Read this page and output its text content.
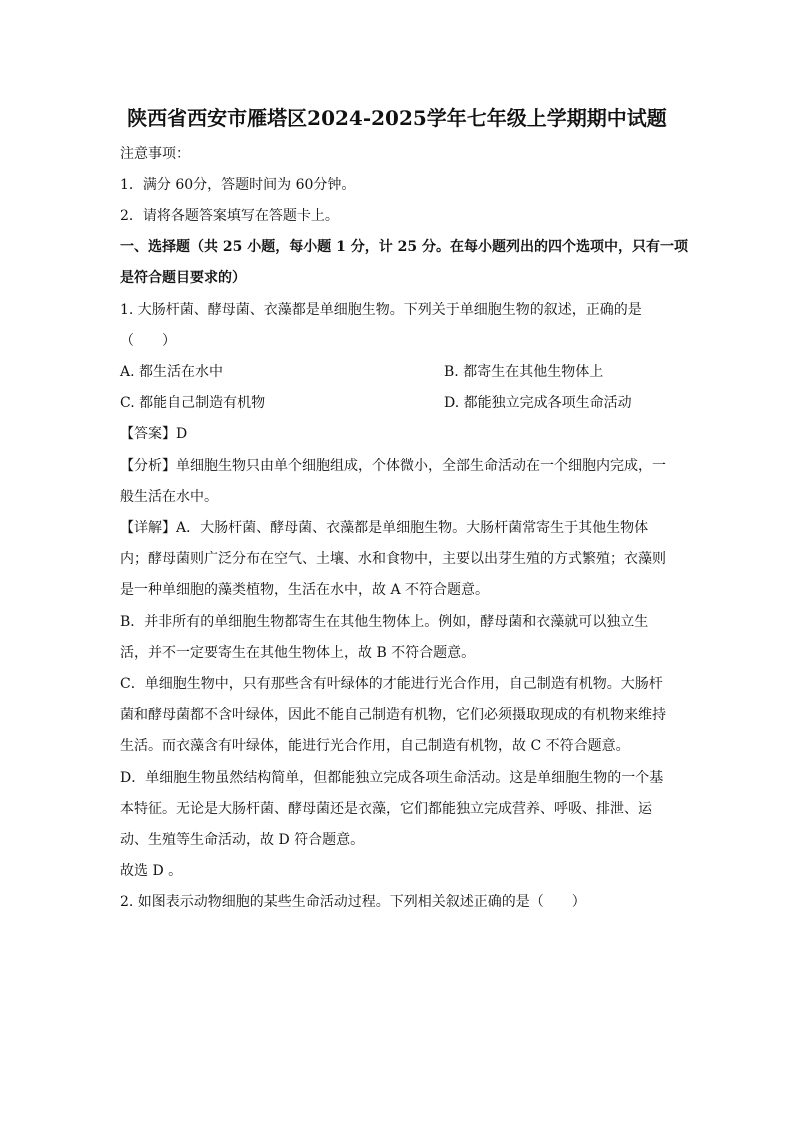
陕西省西安市雁塔区2024-2025学年七年级上学期期中试题
注意事项：
1．满分 60分，答题时间为 60分钟。
2．请将各题答案填写在答题卡上。
一、选择题（共 25 小题，每小题 1 分，计 25 分。在每小题列出的四个选项中，只有一项
是符合题目要求的）
1. 大肠杆菌、酵母菌、衣藻都是单细胞生物。下列关于单细胞生物的叙述，正确的是
（　　）
A. 都生活在水中	B. 都寄生在其他生物体上
C. 都能自己制造有机物	D. 都能独立完成各项生命活动
【答案】D
【分析】单细胞生物只由单个细胞组成，个体微小，全部生命活动在一个细胞内完成，一
般生活在水中。
【详解】A．大肠杆菌、酵母菌、衣藻都是单细胞生物。大肠杆菌常寄生于其他生物体
内；酵母菌则广泛分布在空气、土壤、水和食物中，主要以出芽生殖的方式繁殖；衣藻则
是一种单细胞的藻类植物，生活在水中，故 A 不符合题意。
B．并非所有的单细胞生物都寄生在其他生物体上。例如，酵母菌和衣藻就可以独立生
活，并不一定要寄生在其他生物体上，故 B 不符合题意。
C．单细胞生物中，只有那些含有叶绿体的才能进行光合作用，自己制造有机物。大肠杆
菌和酵母菌都不含叶绿体，因此不能自己制造有机物，它们必须摄取现成的有机物来维持
生活。而衣藻含有叶绿体，能进行光合作用，自己制造有机物，故 C 不符合题意。
D．单细胞生物虽然结构简单，但都能独立完成各项生命活动。这是单细胞生物的一个基
本特征。无论是大肠杆菌、酵母菌还是衣藻，它们都能独立完成营养、呼吸、排泄、运
动、生殖等生命活动，故 D 符合题意。
故选 D 。
2. 如图表示动物细胞的某些生命活动过程。下列相关叙述正确的是（　　）
